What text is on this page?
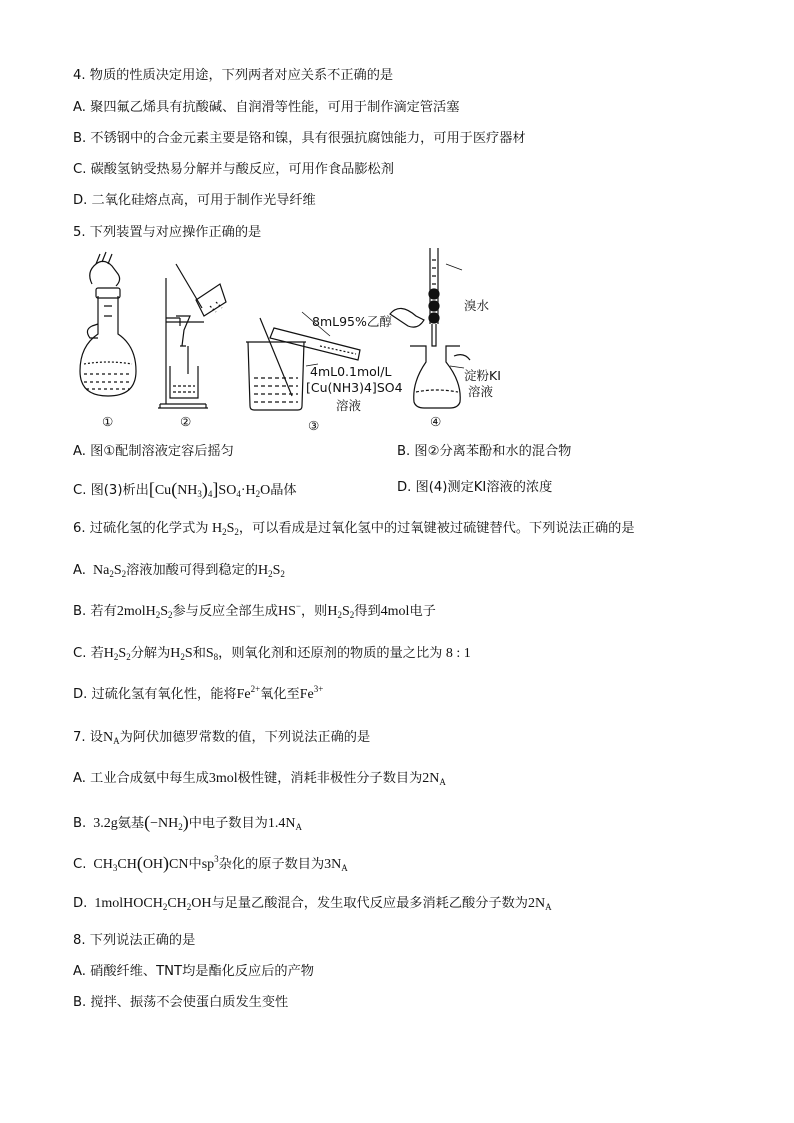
4. 物质的性质决定用途，下列两者对应关系不正确的是
A. 聚四氟乙烯具有抗酸碱、自润滑等性能，可用于制作滴定管活塞
B. 不锈钢中的合金元素主要是铬和镍，具有很强抗腐蚀能力，可用于医疗器材
C. 碳酸氢钠受热易分解并与酸反应，可用作食品膨松剂
D. 二氧化硅熔点高，可用于制作光导纤维
5. 下列装置与对应操作正确的是
8mL95%乙醇
4mL0.1mol/L
[Cu(NH3)4]SO4
溶液
溴水
淀粉KI
溶液
①	②	③	④
A. 图①配制溶液定容后摇匀	B. 图②分离苯酚和水的混合物
C. 图(3)析出$[Cu(NH_3)_4]SO_4\cdot H_2O$晶体	D. 图(4)测定KI溶液的浓度
6. 过硫化氢的化学式为 $H_2S_2$，可以看成是过氧化氢中的过氧键被过硫键替代。下列说法正确的是
A.  $Na_2S_2$溶液加酸可得到稳定的$H_2S_2$
B. 若有$2molH_2S_2$参与反应全部生成HS−，则$H_2S_2$得到4mol电子
C. 若$H_2S_2$分解为$H_2S$和$S_8$，则氧化剂和还原剂的物质的量之比为 8 : 1
D. 过硫化氢有氧化性，能将$Fe^{2+}$氧化至$Fe^{3+}$
7. 设$N_A$为阿伏加德罗常数的值，下列说法正确的是
A. 工业合成氨中每生成3mol极性键，消耗非极性分子数目为$2N_A$
B.  3.2g氨基$(-NH_2)$中电子数目为$1.4N_A$
C.  $CH_3CH(OH)CN$中$sp^3$杂化的原子数目为$3N_A$
D.  $1molHOCH_2CH_2OH$与足量乙酸混合，发生取代反应最多消耗乙酸分子数为$2N_A$
8. 下列说法正确的是
A. 硝酸纤维、TNT均是酯化反应后的产物
B. 搅拌、振荡不会使蛋白质发生变性
